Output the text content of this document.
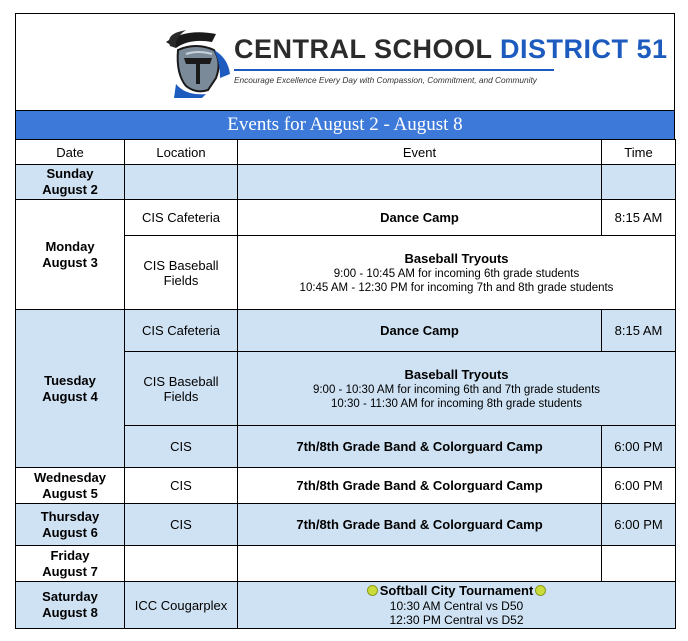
CENTRAL SCHOOL DISTRICT 51
Encourage Excellence Every Day with Compassion, Commitment, and Community
Events for August 2 - August 8
Date	Location	Event	Time
Sunday
August 2			
Monday
August 3	CIS Cafeteria	Dance Camp	8:15 AM
	CIS Baseball Fields	Baseball Tryouts
9:00 - 10:45 AM for incoming 6th grade students
10:45 AM - 12:30 PM for incoming 7th and 8th grade students	

Tuesday
August 4	CIS Cafeteria	Dance Camp	8:15 AM
	CIS Baseball Fields	Baseball Tryouts
9:00 - 10:30 AM for incoming 6th and 7th grade students
10:30 - 11:30 AM for incoming 8th grade students	

	CIS	7th/8th Grade Band & Colorguard Camp	6:00 PM
Wednesday
August 5	CIS	7th/8th Grade Band & Colorguard Camp	6:00 PM
Thursday
August 6	CIS	7th/8th Grade Band & Colorguard Camp	6:00 PM
Friday
August 7			
Saturday
August 8	ICC Cougarplex	Softball City Tournament
10:30 AM Central vs D50
12:30 PM Central vs D52	
